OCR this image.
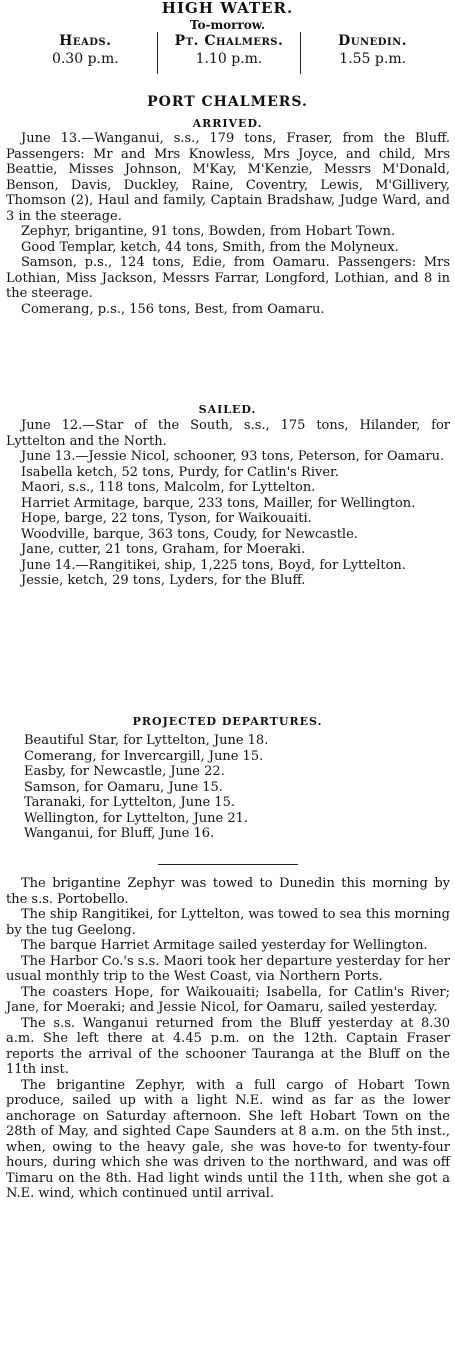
HIGH WATER.
To-morrow.
Heads.
0.30 p.m.
Pt. Chalmers.
1.10 p.m.
Dunedin.
1.55 p.m.
PORT CHALMERS.
ARRIVED.

June 13.—Wanganui, s.s., 179 tons, Fraser, from the Bluff. Passengers: Mr and Mrs Knowless, Mrs Joyce, and child, Mrs Beattie, Misses Johnson, M'Kay, M'Kenzie, Messrs M'Donald, Benson, Davis, Duckley, Raine, Coventry, Lewis, M'Gillivery, Thomson (2), Haul and family, Captain Bradshaw, Judge Ward, and 3 in the steerage.

Zephyr, brigantine, 91 tons, Bowden, from Hobart Town.

Good Templar, ketch, 44 tons, Smith, from the Molyneux.

Samson, p.s., 124 tons, Edie, from Oamaru. Passengers: Mrs Lothian, Miss Jackson, Messrs Farrar, Longford, Lothian, and 8 in the steerage.

Comerang, p.s., 156 tons, Best, from Oamaru.

SAILED.

June 12.—Star of the South, s.s., 175 tons, Hilander, for Lyttelton and the North.

June 13.—Jessie Nicol, schooner, 93 tons, Peterson, for Oamaru.

Isabella ketch, 52 tons, Purdy, for Catlin's River.

Maori, s.s., 118 tons, Malcolm, for Lyttelton.

Harriet Armitage, barque, 233 tons, Mailler, for Wellington.

Hope, barge, 22 tons, Tyson, for Waikouaiti.

Woodville, barque, 363 tons, Coudy, for Newcastle.

Jane, cutter, 21 tons, Graham, for Moeraki.

June 14.—Rangitikei, ship, 1,225 tons, Boyd, for Lyttelton.

Jessie, ketch, 29 tons, Lyders, for the Bluff.

PROJECTED DEPARTURES.

Beautiful Star, for Lyttelton, June 18.

Comerang, for Invercargill, June 15.

Easby, for Newcastle, June 22.

Samson, for Oamaru, June 15.

Taranaki, for Lyttelton, June 15.

Wellington, for Lyttelton, June 21.

Wanganui, for Bluff, June 16.

The brigantine Zephyr was towed to Dunedin this morning by the s.s. Portobello.

The ship Rangitikei, for Lyttelton, was towed to sea this morning by the tug Geelong.

The barque Harriet Armitage sailed yesterday for Wellington.

The Harbor Co.'s s.s. Maori took her departure yesterday for her usual monthly trip to the West Coast, via Northern Ports.

The coasters Hope, for Waikouaiti; Isabella, for Catlin's River; Jane, for Moeraki; and Jessie Nicol, for Oamaru, sailed yesterday.

The s.s. Wanganui returned from the Bluff yesterday at 8.30 a.m. She left there at 4.45 p.m. on the 12th. Captain Fraser reports the arrival of the schooner Tauranga at the Bluff on the 11th inst.

The brigantine Zephyr, with a full cargo of Hobart Town produce, sailed up with a light N.E. wind as far as the lower anchorage on Saturday afternoon. She left Hobart Town on the 28th of May, and sighted Cape Saunders at 8 a.m. on the 5th inst., when, owing to the heavy gale, she was hove-to for twenty-four hours, during which she was driven to the northward, and was off Timaru on the 8th. Had light winds until the 11th, when she got a N.E. wind, which continued until arrival.
